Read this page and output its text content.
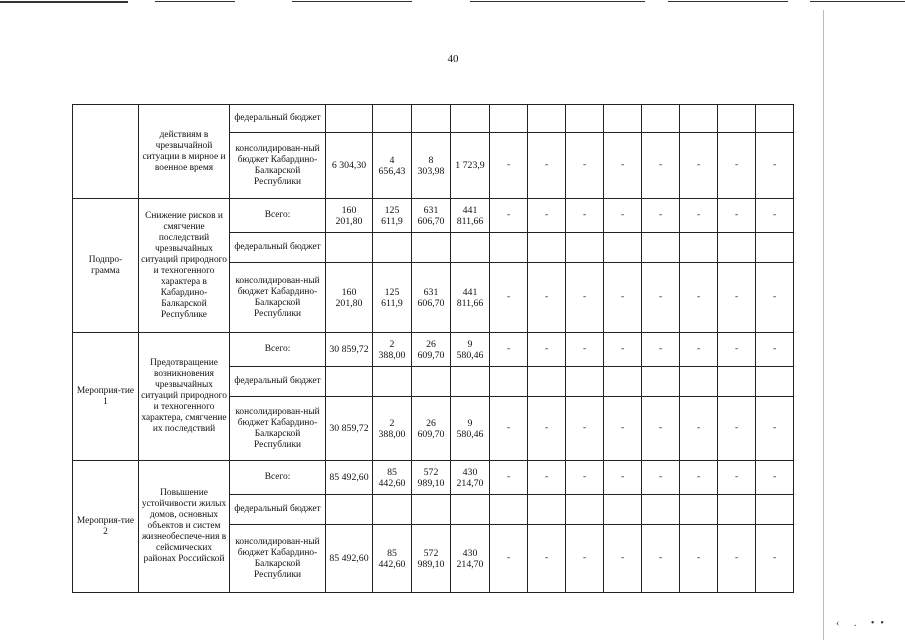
40
	действиям в чрезвычайной ситуации в мирное и военное время	федеральный бюджет												
		консолидирован-ный бюджет Кабардино-Балкарской Республики	6 304,30	4 656,43	8 303,98	1 723,9	-	-	-	-	-	-	-	-
Подпро-грамма	Снижение рисков и смягчение последствий чрезвычайных ситуаций природного и техногенного характера в Кабардино-Балкарской Республике	Всего:	160 201,80	125 611,9	631 606,70	441 811,66	-	-	-	-	-	-	-	-
		федеральный бюджет												
		консолидирован-ный бюджет Кабардино-Балкарской Республики	160 201,80	125 611,9	631 606,70	441 811,66	-	-	-	-	-	-	-	-
Мероприя-тие 1	Предотвращение возникновения чрезвычайных ситуаций природного и техногенного характера, смягчение их последствий	Всего:	30 859,72	2 388,00	26 609,70	9 580,46	-	-	-	-	-	-	-	-
		федеральный бюджет												
		консолидирован-ный бюджет Кабардино-Балкарской Республики	30 859,72	2 388,00	26 609,70	9 580,46	-	-	-	-	-	-	-	-
Мероприя-тие 2	Повышение устойчивости жилых домов, основных объектов и систем жизнеобеспече-ния в сейсмических районах Российской	Всего:	85 492,60	85 442,60	572 989,10	430 214,70	-	-	-	-	-	-	-	-
		федеральный бюджет												
		консолидирован-ный бюджет Кабардино-Балкарской Республики	85 492,60	85 442,60	572 989,10	430 214,70	-	-	-	-	-	-	-	-
‹ . ••
